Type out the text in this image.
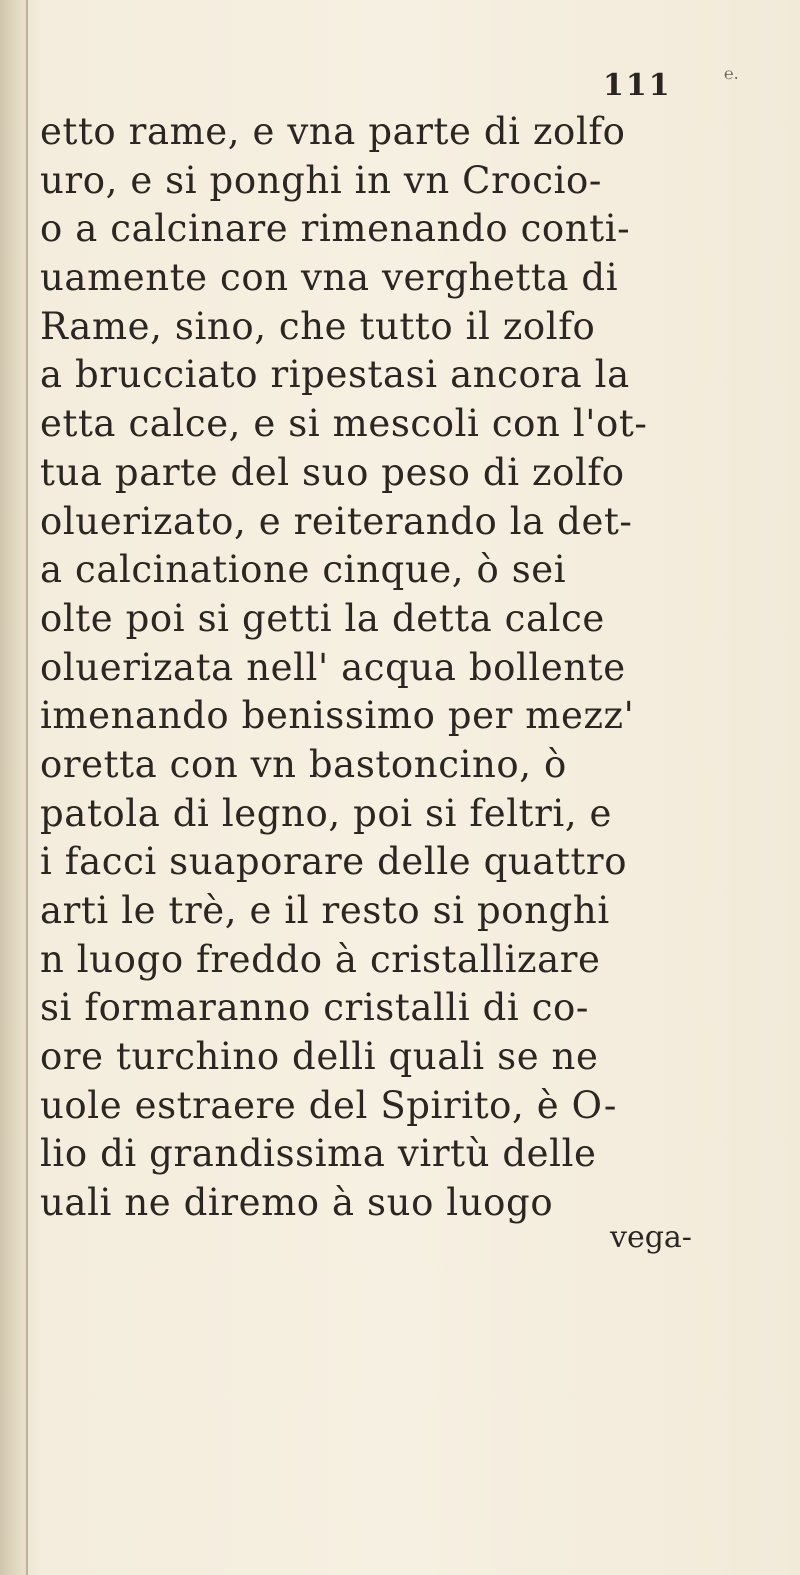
111	℮.
etto rame, e vna parte di zolfo
uro, e si ponghi in vn Crocio-
o a calcinare rimenando conti-
uamente con vna verghetta di
Rame, sino, che tutto il zolfo
a brucciato ripestasi ancora la
etta calce, e si mescoli con l'ot-
tua parte del suo peso di zolfo
oluerizato, e reiterando la det-
a calcinatione cinque, ò sei
olte poi si getti la detta calce
oluerizata nell' acqua bollente
imenando benissimo per mezz'
oretta con vn bastoncino, ò
patola di legno, poi si feltri, e
i facci suaporare delle quattro
arti le trè, e il resto si ponghi
n luogo freddo à cristallizare
si formaranno cristalli di co-
ore turchino delli quali se ne
uole estraere del Spirito, è O-
lio di grandissima virtù delle
uali ne diremo à suo luogo
vega-
